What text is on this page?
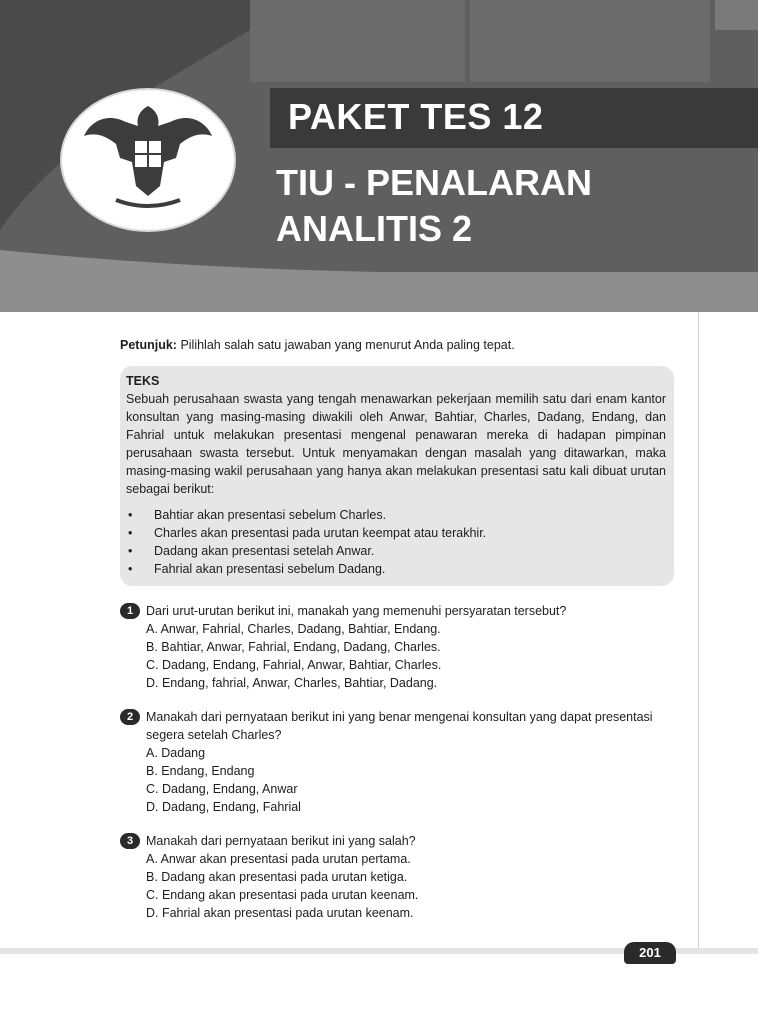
PAKET TES 12
TIU - PENALARAN ANALITIS 2

Petunjuk: Pilihlah salah satu jawaban yang menurut Anda paling tepat.

TEKS
Sebuah perusahaan swasta yang tengah menawarkan pekerjaan memilih satu dari enam kantor konsultan yang masing-masing diwakili oleh Anwar, Bahtiar, Charles, Dadang, Endang, dan Fahrial untuk melakukan presentasi mengenal penawaran mereka di hadapan pimpinan perusahaan swasta tersebut. Untuk menyamakan dengan masalah yang ditawarkan, maka masing-masing wakil perusahaan yang hanya akan melakukan presentasi satu kali dibuat urutan sebagai berikut:
• Bahtiar akan presentasi sebelum Charles.
• Charles akan presentasi pada urutan keempat atau terakhir.
• Dadang akan presentasi setelah Anwar.
• Fahrial akan presentasi sebelum Dadang.
1	Dari urut-urutan berikut ini, manakah yang memenuhi persyaratan tersebut?
A. Anwar, Fahrial, Charles, Dadang, Bahtiar, Endang.
B. Bahtiar, Anwar, Fahrial, Endang, Dadang, Charles.
C. Dadang, Endang, Fahrial, Anwar, Bahtiar, Charles.
D. Endang, fahrial, Anwar, Charles, Bahtiar, Dadang.
2	Manakah dari pernyataan berikut ini yang benar mengenai konsultan yang dapat presentasi segera setelah Charles?
A. Dadang
B. Endang, Endang
C. Dadang, Endang, Anwar
D. Dadang, Endang, Fahrial
3	Manakah dari pernyataan berikut ini yang salah?
A. Anwar akan presentasi pada urutan pertama.
B. Dadang akan presentasi pada urutan ketiga.
C. Endang akan presentasi pada urutan keenam.
D. Fahrial akan presentasi pada urutan keenam.
201
